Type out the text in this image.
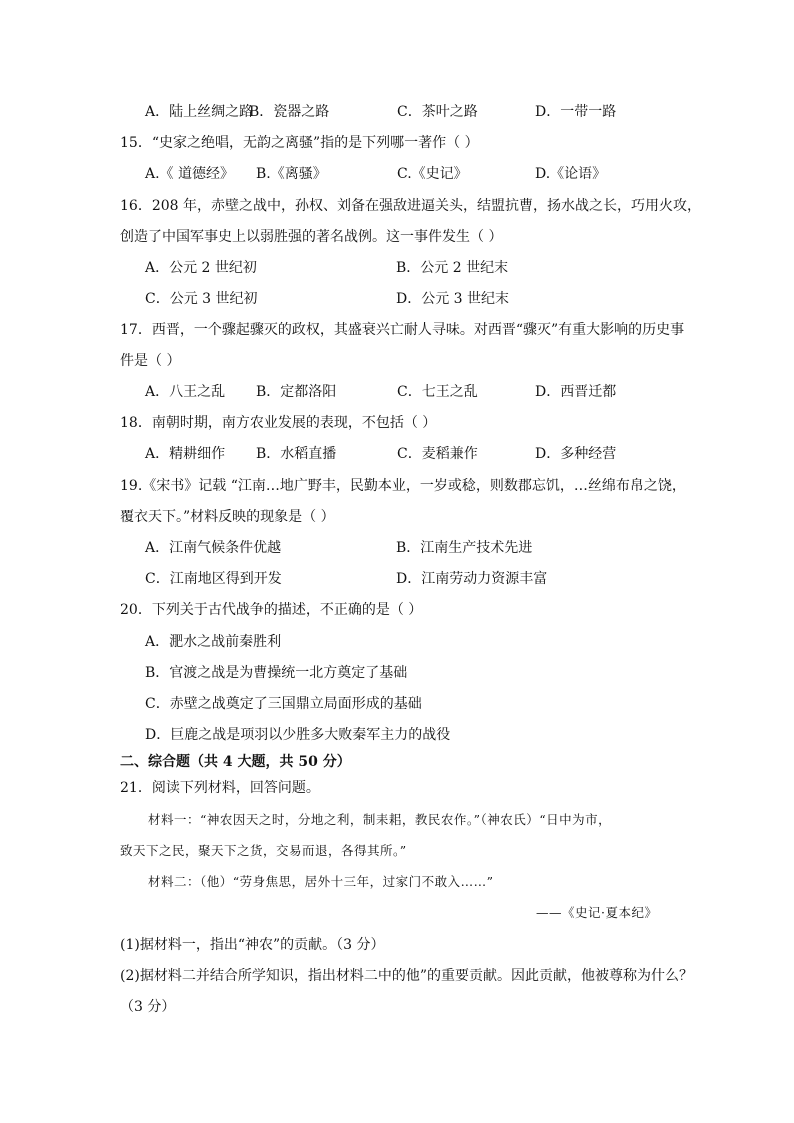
A．陆上丝绸之路
B．瓷器之路	C．茶叶之路	D．一带一路
15．“史家之绝唱，无韵之离骚”指的是下列哪一著作（ ）
A.《 道德经》	B.《离骚》	C.《史记》	D.《论语》
16．208 年，赤壁之战中，孙权、刘备在强敌进逼关头，结盟抗曹，扬水战之长，巧用火攻，
创造了中国军事史上以弱胜强的著名战例。这一事件发生（ ）
A．公元 2 世纪初	B．公元 2 世纪末
C．公元 3 世纪初	D．公元 3 世纪末
17．西晋，一个骤起骤灭的政权，其盛衰兴亡耐人寻味。对西晋“骤灭”有重大影响的历史事
件是（ ）
A．八王之乱	B．定都洛阳	C．七王之乱	D．西晋迁都
18．南朝时期，南方农业发展的表现，不包括（ ）
A．精耕细作	B．水稻直播	C．麦稻兼作	D．多种经营
19.《宋书》记载 “江南…地广野丰，民勤本业，一岁或稔，则数郡忘饥，…丝绵布帛之饶，
覆衣天下。”材料反映的现象是（ ）
A．江南气候条件优越	B．江南生产技术先进
C．江南地区得到开发	D．江南劳动力资源丰富
20．下列关于古代战争的描述，不正确的是（ ）
A．淝水之战前秦胜利
B．官渡之战是为曹操统一北方奠定了基础
C．赤壁之战奠定了三国鼎立局面形成的基础
D．巨鹿之战是项羽以少胜多大败秦军主力的战役
二、综合题（共 4 大题，共 50 分）
21．阅读下列材料，回答问题。
材料一：“神农因天之时，分地之利，制耒耜，教民农作。”（神农氏）“日中为市，
致天下之民，聚天下之货，交易而退，各得其所。”
材料二：（他）“劳身焦思，居外十三年，过家门不敢入……”
——《史记·夏本纪》
(1)据材料一，指出“神农”的贡献。（3 分）
(2)据材料二并结合所学知识，指出材料二中的他”的重要贡献。因此贡献，他被尊称为什么？
（3 分）
